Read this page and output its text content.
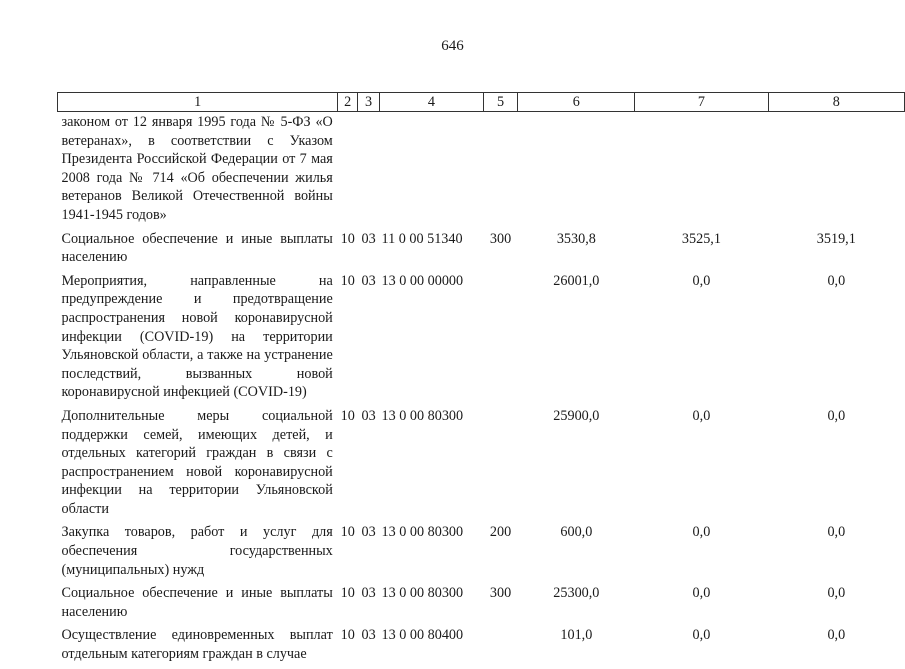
646
1	2	3	4	5	6	7	8
законом от 12 января 1995 года № 5-ФЗ «О ветеранах», в соответствии с Указом Президента Российской Федерации от 7 мая 2008 года № 714 «Об обеспечении жилья ветеранов Великой Отечественной войны 1941-1945 годов»							
Социальное обеспечение и иные выплаты населению	10	03	11 0 00 51340	300	3530,8	3525,1	3519,1
Мероприятия, направленные на предупреждение и предотвращение распространения новой коронавирусной инфекции (COVID-19) на территории Ульяновской области, а также на устранение последствий, вызванных новой коронавирусной инфекцией (COVID-19)	10	03	13 0 00 00000		26001,0	0,0	0,0
Дополнительные меры социальной поддержки семей, имеющих детей, и отдельных категорий граждан в связи с распространением новой коронавирусной инфекции на территории Ульяновской области	10	03	13 0 00 80300		25900,0	0,0	0,0
Закупка товаров, работ и услуг для обеспечения государственных (муниципальных) нужд	10	03	13 0 00 80300	200	600,0	0,0	0,0
Социальное обеспечение и иные выплаты населению	10	03	13 0 00 80300	300	25300,0	0,0	0,0
Осуществление единовременных выплат отдельным категориям граждан в случае	10	03	13 0 00 80400		101,0	0,0	0,0
